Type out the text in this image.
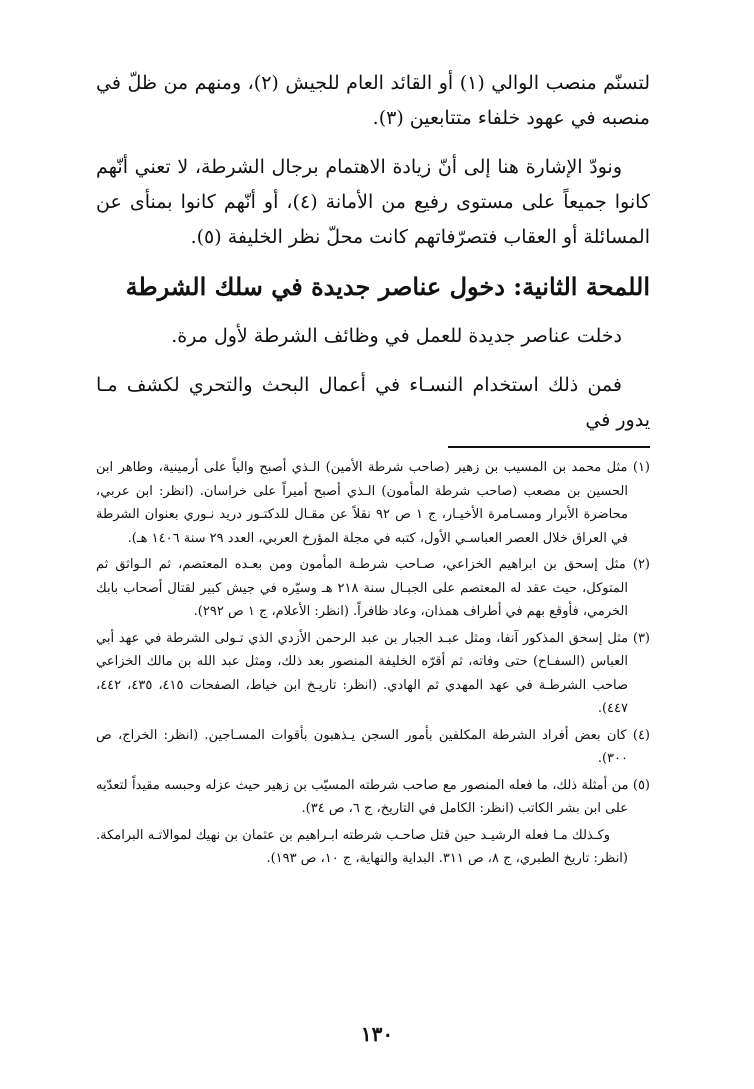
لتسنّم منصب الوالي (١) أو القائد العام للجيش (٢)، ومنهم من ظلّ في منصبه في عهود خلفاء متتابعين (٣).

ونودّ الإشارة هنا إلى أنّ زيادة الاهتمام برجال الشرطة، لا تعني أنّهم كانوا جميعاً على مستوى رفيع من الأمانة (٤)، أو أنّهم كانوا بمنأى عن المسائلة أو العقاب فتصرّفاتهم كانت محلّ نظر الخليفة (٥).

اللمحة الثانية: دخول عناصر جديدة في سلك الشرطة

دخلت عناصر جديدة للعمل في وظائف الشرطة لأول مرة.

فمن ذلك استخدام النسـاء في أعمال البحث والتحري لكشف مـا يدور في

(١) مثل محمد بن المسيب بن زهير (صاحب شرطة الأمين) الـذي أصبح والياً على أرمينية، وطاهر ابن الحسين بن مصعب (صاحب شرطة المأمون) الـذي أصبح أميراً على خراسان. (انظر: ابن عربي، محاضرة الأبرار ومسـامرة الأخيـار، ج ١ ص ٩٢ نقلاً عن مقـال للدكتـور دريد نـوري بعنوان الشرطة في العراق خلال العصر العباسـي الأول، كتبه في مجلة المؤرخ العربي، العدد ٢٩ سنة ١٤٠٦ هـ).

(٢) مثل إسحق بن ابراهيم الخزاعي، صـاحب شرطـة المأمون ومن بعـده المعتصم، ثم الـواثق ثم المتوكل، حيث عقد له المعتصم على الجبـال سنة ٢١٨ هـ وسيّره في جيش كبير لقتال أصحاب بابك الخرمي، فأوقع بهم في أطراف همذان، وعاد ظافراً. (انظر: الأعلام، ج ١ ص ٢٩٢).

(٣) مثل إسحق المذكور آنفا، ومثل عبـد الجبار بن عبد الرحمن الأزدي الذي تـولى الشرطة في عهد أبي العباس (السفـاح) حتى وفاته، ثم أقرّه الخليفة المنصور بعد ذلك، ومثل عبد الله بن مالك الخزاعي صاحب الشرطـة في عهد المهدي ثم الهادي. (انظر: تاريـخ ابن خياط، الصفحات ٤١٥، ٤٣٥، ٤٤٢، ٤٤٧).

(٤) كان بعض أفراد الشرطة المكلفين بأمور السجن يـذهبون بأقوات المسـاجين. (انظر: الخراج، ص ٣٠٠).

(٥) من أمثلة ذلك، ما فعله المنصور مع صاحب شرطته المسيّب بن زهير حيث عزله وحبسه مقيداً لتعدّيه على ابن بشر الكاتب (انظر: الكامل في التاريخ، ج ٦، ص ٣٤).

وكـذلك مـا فعله الرشيـد حين قتل صاحـب شرطته ابـراهيم بن عثمان بن نهيك لموالاتـه البرامكة. (انظر: تاريخ الطبري، ج ٨، ص ٣١١. البداية والنهاية، ج ١٠، ص ١٩٣).

١٣٠
